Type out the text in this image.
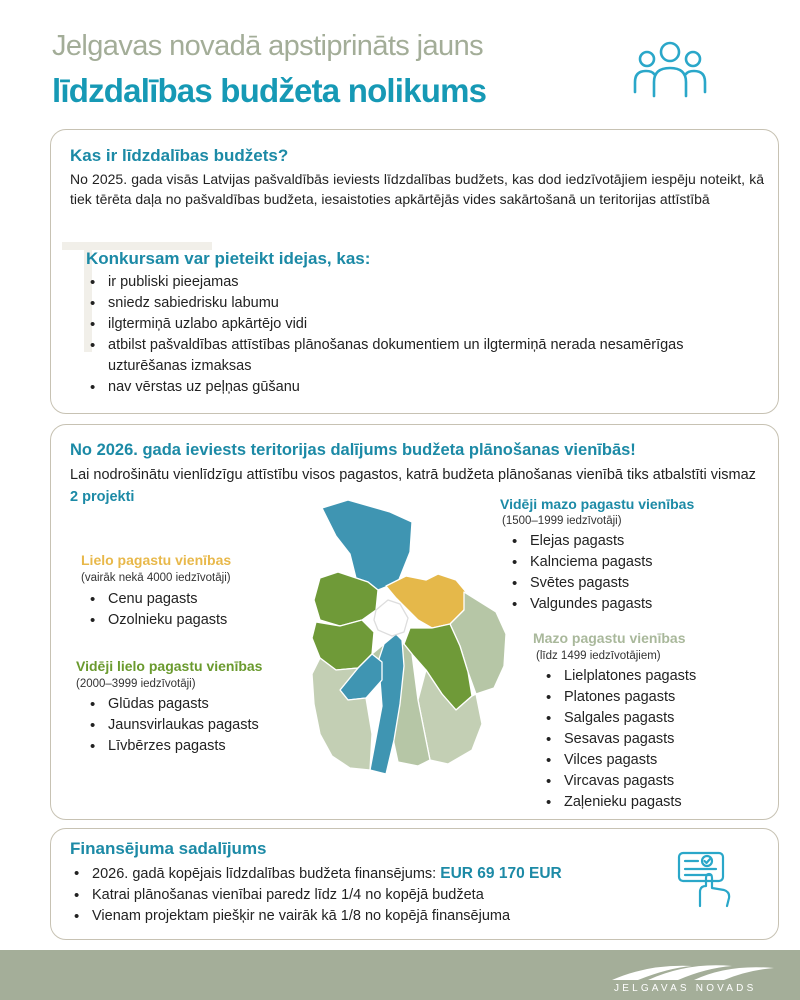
Jelgavas novadā apstiprināts jauns
līdzdalības budžeta nolikums
Kas ir līdzdalības budžets?
No 2025. gada visās Latvijas pašvaldībās ieviests līdzdalības budžets, kas dod iedzīvotājiem iespēju noteikt, kā tiek tērēta daļa no pašvaldības budžeta, iesaistoties apkārtējās vides sakārtošanā un teritorijas attīstībā
Konkursam var pieteikt idejas, kas:
• ir publiski pieejamas
• sniedz sabiedrisku labumu
• ilgtermiņā uzlabo apkārtējo vidi
• atbilst pašvaldības attīstības plānošanas dokumentiem un ilgtermiņā nerada nesamērīgas uzturēšanas izmaksas
• nav vērstas uz peļņas gūšanu
No 2026. gada ieviests teritorijas dalījums budžeta plānošanas vienībās!
Lai nodrošinātu vienlīdzīgu attīstību visos pagastos, katrā budžeta plānošanas vienībā tiks atbalstīti vismaz 2 projekti
Lielo pagastu vienības
(vairāk nekā 4000 iedzīvotāji)
• Cenu pagasts
• Ozolnieku pagasts
Vidēji lielo pagastu vienības
(2000–3999 iedzīvotāji)
• Glūdas pagasts
• Jaunsvirlaukas pagasts
• Līvbērzes pagasts
Vidēji mazo pagastu vienības
(1500–1999 iedzīvotāji)
• Elejas pagasts
• Kalnciema pagasts
• Svētes pagasts
• Valgundes pagasts
Mazo pagastu vienības
(līdz 1499 iedzīvotājiem)
• Lielplatones pagasts
• Platones pagasts
• Salgales pagasts
• Sesavas pagasts
• Vilces pagasts
• Vircavas pagasts
• Zaļenieku pagasts
Finansējuma sadalījums
• 2026. gadā kopējais līdzdalības budžeta finansējums: EUR 69 170 EUR
• Katrai plānošanas vienībai paredz līdz 1/4 no kopējā budžeta
• Vienam projektam piešķir ne vairāk kā 1/8 no kopējā finansējuma
JELGAVAS NOVADS
